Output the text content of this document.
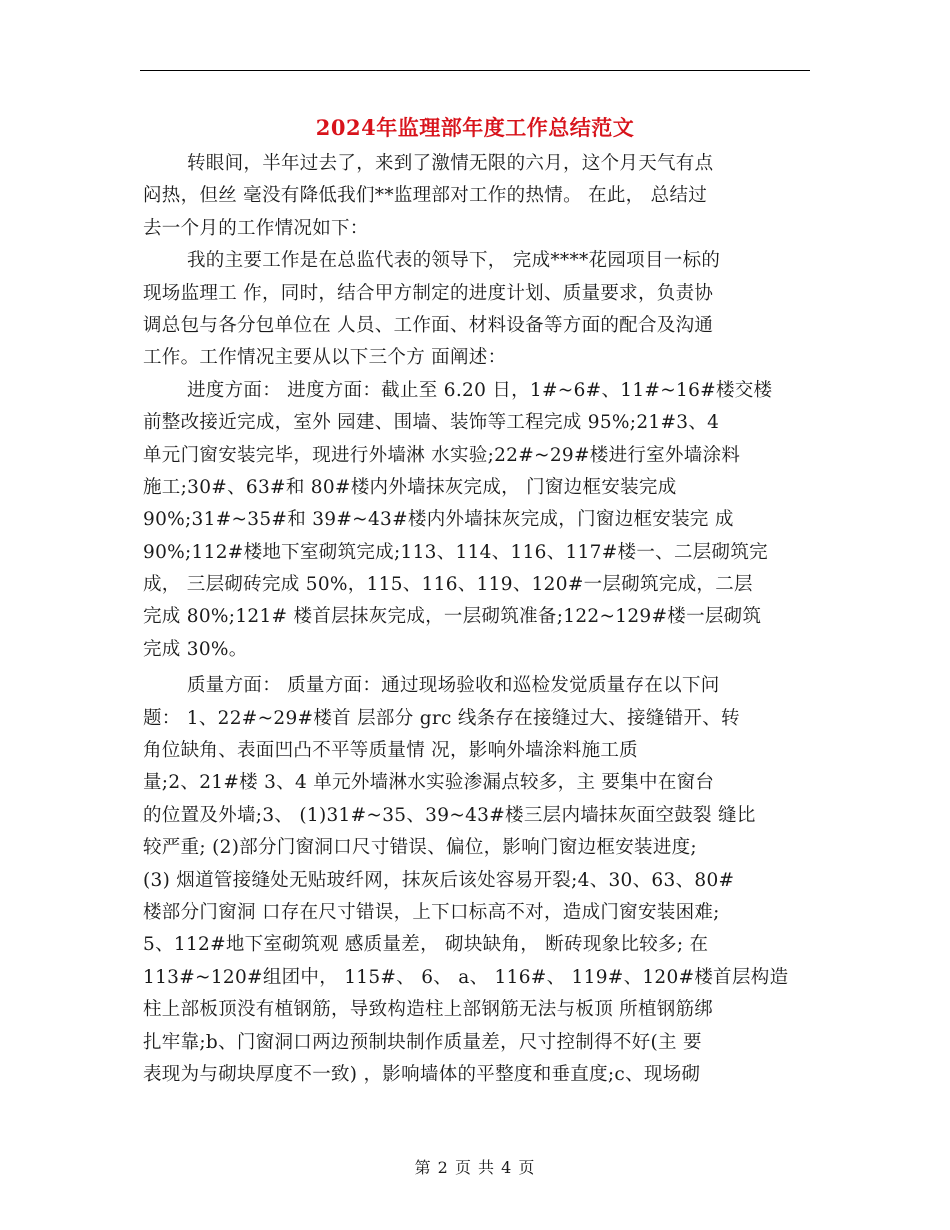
2024年监理部年度工作总结范文
转眼间，半年过去了，来到了激情无限的六月，这个月天气有点
闷热，但丝 毫没有降低我们**监理部对工作的热情。 在此， 总结过
去一个月的工作情况如下：
我的主要工作是在总监代表的领导下， 完成****花园项目一标的
现场监理工 作，同时，结合甲方制定的进度计划、质量要求，负责协
调总包与各分包单位在 人员、工作面、材料设备等方面的配合及沟通
工作。工作情况主要从以下三个方 面阐述：
进度方面： 进度方面：截止至 6.20 日，1#~6#、11#~16#楼交楼
前整改接近完成，室外 园建、围墙、装饰等工程完成 95%;21#3、4
单元门窗安装完毕，现进行外墙淋 水实验;22#~29#楼进行室外墙涂料
施工;30#、63#和 80#楼内外墙抹灰完成， 门窗边框安装完成
90%;31#~35#和 39#~43#楼内外墙抹灰完成，门窗边框安装完 成
90%;112#楼地下室砌筑完成;113、114、116、117#楼一、二层砌筑完
成， 三层砌砖完成 50%，115、116、119、120#一层砌筑完成，二层
完成 80%;121# 楼首层抹灰完成，一层砌筑准备;122~129#楼一层砌筑
完成 30%。
质量方面： 质量方面：通过现场验收和巡检发觉质量存在以下问
题： 1、22#~29#楼首 层部分 grc 线条存在接缝过大、接缝错开、转
角位缺角、表面凹凸不平等质量情 况，影响外墙涂料施工质
量;2、21#楼 3、4 单元外墙淋水实验渗漏点较多，主 要集中在窗台
的位置及外墙;3、 (1)31#~35、39~43#楼三层内墙抹灰面空鼓裂 缝比
较严重; (2)部分门窗洞口尺寸错误、偏位，影响门窗边框安装进度;
(3) 烟道管接缝处无贴玻纤网，抹灰后该处容易开裂;4、30、63、80#
楼部分门窗洞 口存在尺寸错误，上下口标高不对，造成门窗安装困难;
5、112#地下室砌筑观 感质量差， 砌块缺角， 断砖现象比较多; 在
113#~120#组团中， 115#、 6、 a、 116#、 119#、120#楼首层构造
柱上部板顶没有植钢筋，导致构造柱上部钢筋无法与板顶 所植钢筋绑
扎牢靠;b、门窗洞口两边预制块制作质量差，尺寸控制得不好(主 要
表现为与砌块厚度不一致) ，影响墙体的平整度和垂直度;c、现场砌
第 2 页 共 4 页
